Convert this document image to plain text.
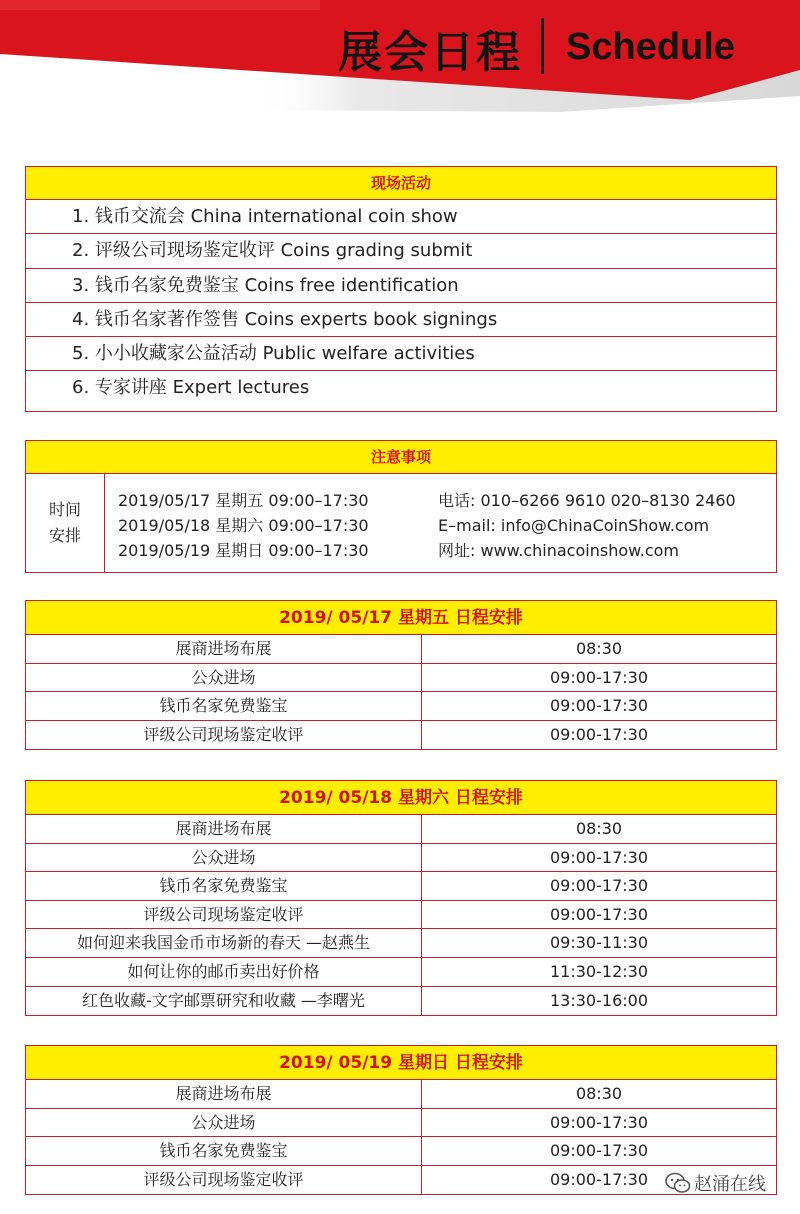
展会日程 Schedule
现场活动
1. 钱币交流会 China international coin show
2. 评级公司现场鉴定收评 Coins grading submit
3. 钱币名家免费鉴宝 Coins free identification
4. 钱币名家著作签售 Coins experts book signings
5. 小小收藏家公益活动 Public welfare activities
6. 专家讲座 Expert lectures
注意事项
时间
安排
2019/05/17 星期五 09:00–17:30
2019/05/18 星期六 09:00–17:30
2019/05/19 星期日 09:00–17:30
电话: 010–6266 9610 020–8130 2460
E–mail: info@ChinaCoinShow.com
网址: www.chinacoinshow.com
2019/ 05/17 星期五 日程安排
展商进场布展	08:30
公众进场	09:00-17:30
钱币名家免费鉴宝	09:00-17:30
评级公司现场鉴定收评	09:00-17:30
2019/ 05/18 星期六 日程安排
展商进场布展	08:30
公众进场	09:00-17:30
钱币名家免费鉴宝	09:00-17:30
评级公司现场鉴定收评	09:00-17:30
如何迎来我国金币市场新的春天 —赵燕生	09:30-11:30
如何让你的邮币卖出好价格	11:30-12:30
红色收藏-文字邮票研究和收藏 —李曙光	13:30-16:00
2019/ 05/19 星期日 日程安排
展商进场布展	08:30
公众进场	09:00-17:30
钱币名家免费鉴宝	09:00-17:30
评级公司现场鉴定收评	09:00-17:30	赵涌在线
